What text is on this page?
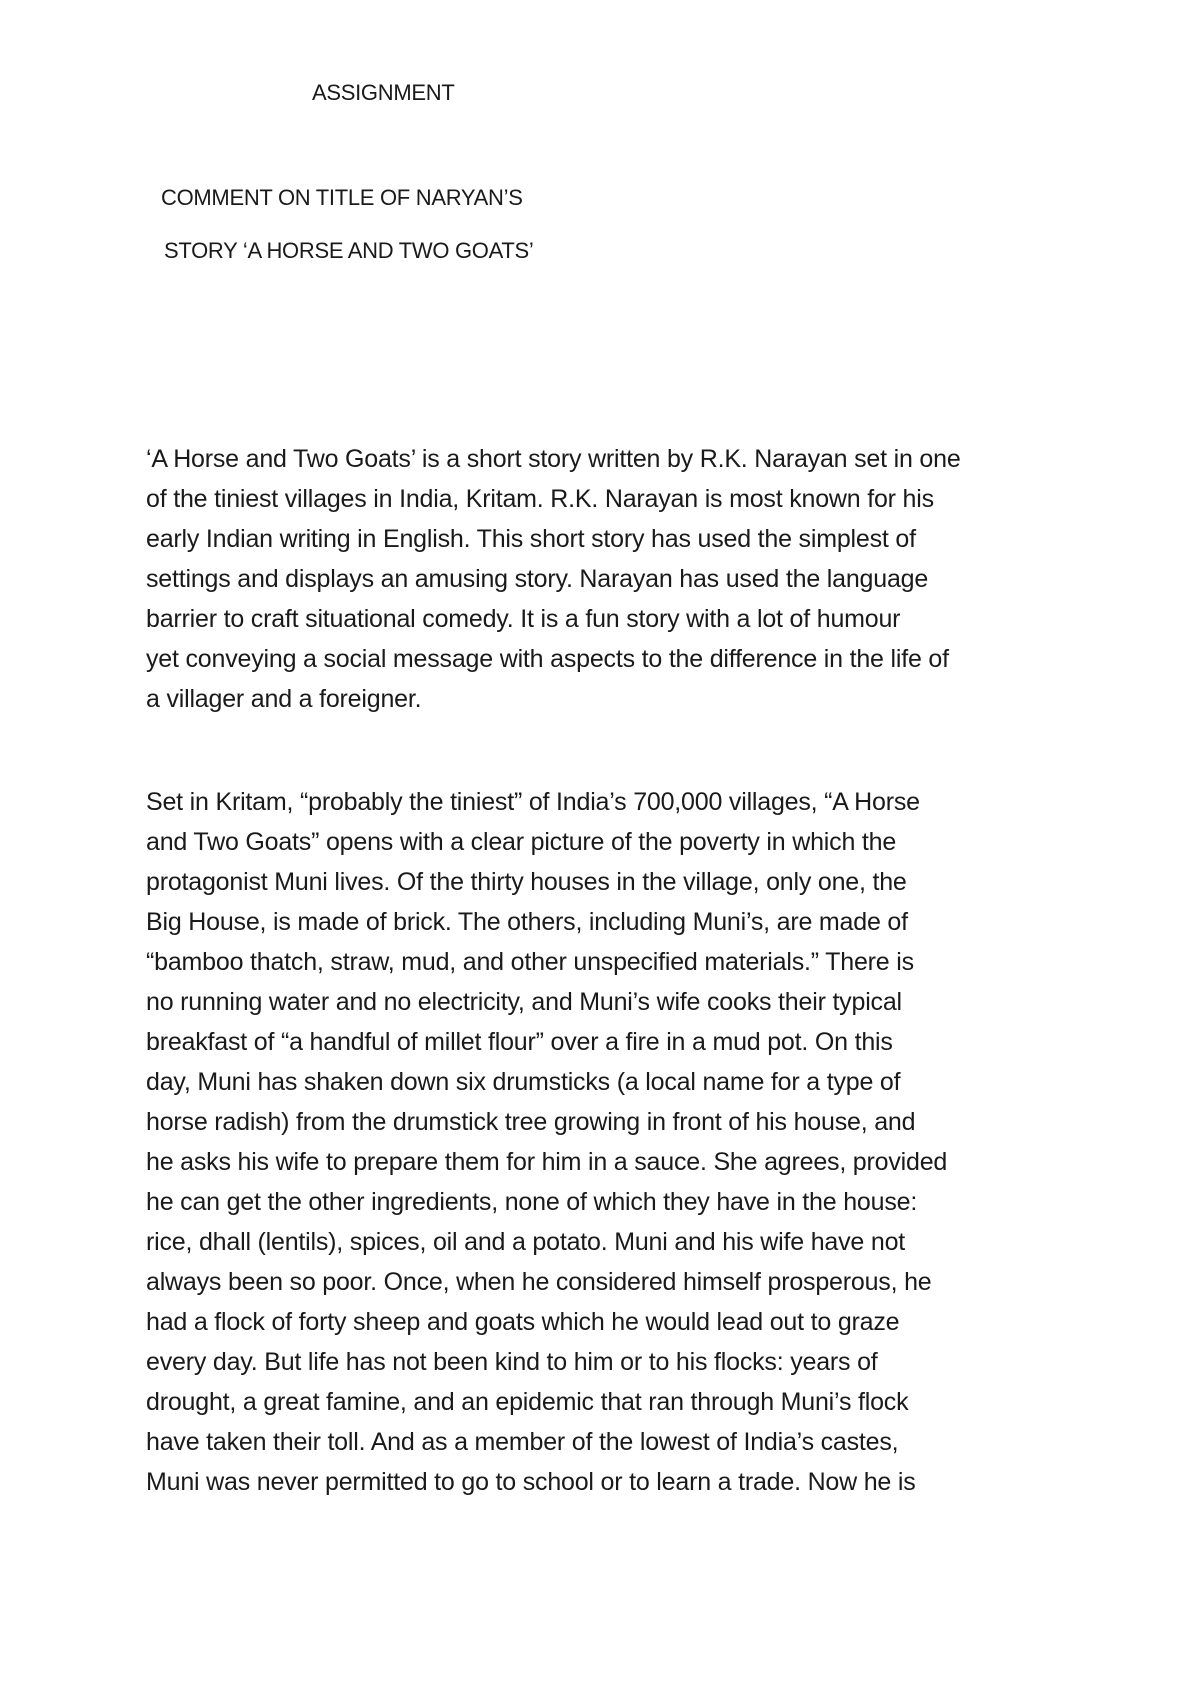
ASSIGNMENT
COMMENT ON TITLE OF NARYAN’S
STORY ‘A HORSE AND TWO GOATS’
‘A Horse and Two Goats’ is a short story written by R.K. Narayan set in one
of the tiniest villages in India, Kritam. R.K. Narayan is most known for his
early Indian writing in English. This short story has used the simplest of
settings and displays an amusing story. Narayan has used the language
barrier to craft situational comedy. It is a fun story with a lot of humour
yet conveying a social message with aspects to the difference in the life of
a villager and a foreigner.
Set in Kritam, “probably the tiniest” of India’s 700,000 villages, “A Horse
and Two Goats” opens with a clear picture of the poverty in which the
protagonist Muni lives. Of the thirty houses in the village, only one, the
Big House, is made of brick. The others, including Muni’s, are made of
“bamboo thatch, straw, mud, and other unspecified materials.” There is
no running water and no electricity, and Muni’s wife cooks their typical
breakfast of “a handful of millet flour” over a fire in a mud pot. On this
day, Muni has shaken down six drumsticks (a local name for a type of
horse radish) from the drumstick tree growing in front of his house, and
he asks his wife to prepare them for him in a sauce. She agrees, provided
he can get the other ingredients, none of which they have in the house:
rice, dhall (lentils), spices, oil and a potato. Muni and his wife have not
always been so poor. Once, when he considered himself prosperous, he
had a flock of forty sheep and goats which he would lead out to graze
every day. But life has not been kind to him or to his flocks: years of
drought, a great famine, and an epidemic that ran through Muni’s flock
have taken their toll. And as a member of the lowest of India’s castes,
Muni was never permitted to go to school or to learn a trade. Now he is
